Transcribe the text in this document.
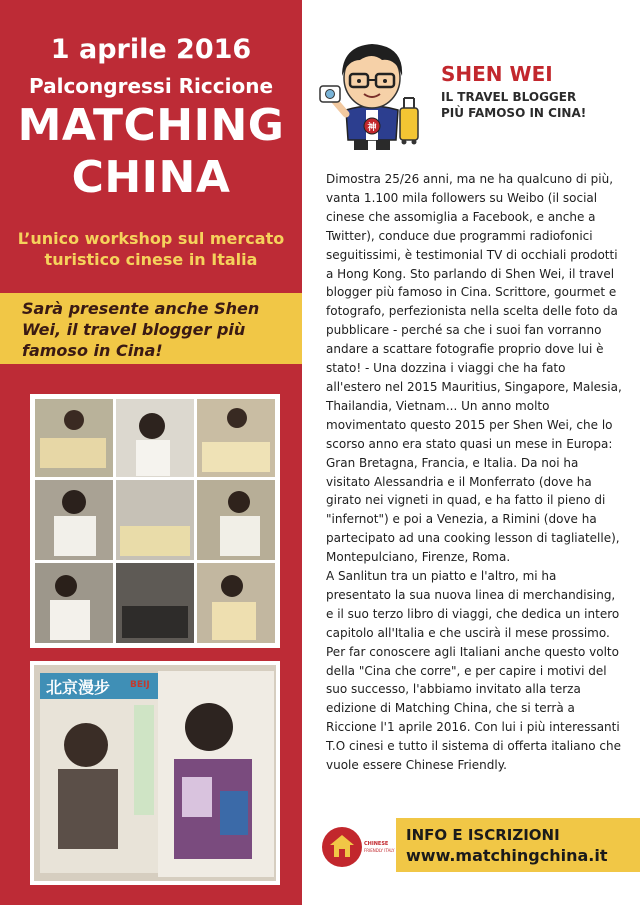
1 aprile 2016
Palcongressi Riccione
MATCHING
CHINA
L’unico workshop sul mercato turistico cinese in Italia
Sarà presente anche Shen Wei, il travel blogger più famoso in Cina!
北京漫步 BEIJ
神
SHEN WEI
IL TRAVEL BLOGGER
PIÙ FAMOSO IN CINA!

Dimostra 25/26 anni, ma ne ha qualcuno di più, vanta 1.100 mila followers su Weibo (il social cinese che assomiglia a Facebook, e anche a Twitter), conduce due programmi radiofonici seguitissimi, è testimonial TV di occhiali prodotti a Hong Kong. Sto parlando di Shen Wei, il travel blogger più famoso in Cina. Scrittore, gourmet e fotografo, perfezionista nella scelta delle foto da pubblicare - perché sa che i suoi fan vorranno andare a scattare fotografie proprio dove lui è stato! - Una dozzina i viaggi che ha fato all'estero nel 2015 Mauritius, Singapore, Malesia, Thailandia, Vietnam... Un anno molto movimentato questo 2015 per Shen Wei, che lo scorso anno era stato quasi un mese in Europa: Gran Bretagna, Francia, e Italia. Da noi ha visitato Alessandria e il Monferrato (dove ha girato nei vigneti in quad, e ha fatto il pieno di "infernot") e poi a Venezia, a Rimini (dove ha partecipato ad una cooking lesson di tagliatelle), Montepulciano, Firenze, Roma.

A Sanlitun tra un piatto e l'altro, mi ha presentato la sua nuova linea di merchandising, e il suo terzo libro di viaggi, che dedica un intero capitolo all'Italia e che uscirà il mese prossimo.

Per far conoscere agli Italiani anche questo volto della "Cina che corre", e per capire i motivi del suo successo, l'abbiamo invitato alla terza edizione di Matching China, che si terrà a Riccione l'1 aprile 2016. Con lui i più interessanti T.O cinesi e tutto il sistema di offerta italiano che vuole essere Chinese Friendly.

CHINESE
FRIENDLY ITALY
INFO E ISCRIZIONI
www.matchingchina.it
